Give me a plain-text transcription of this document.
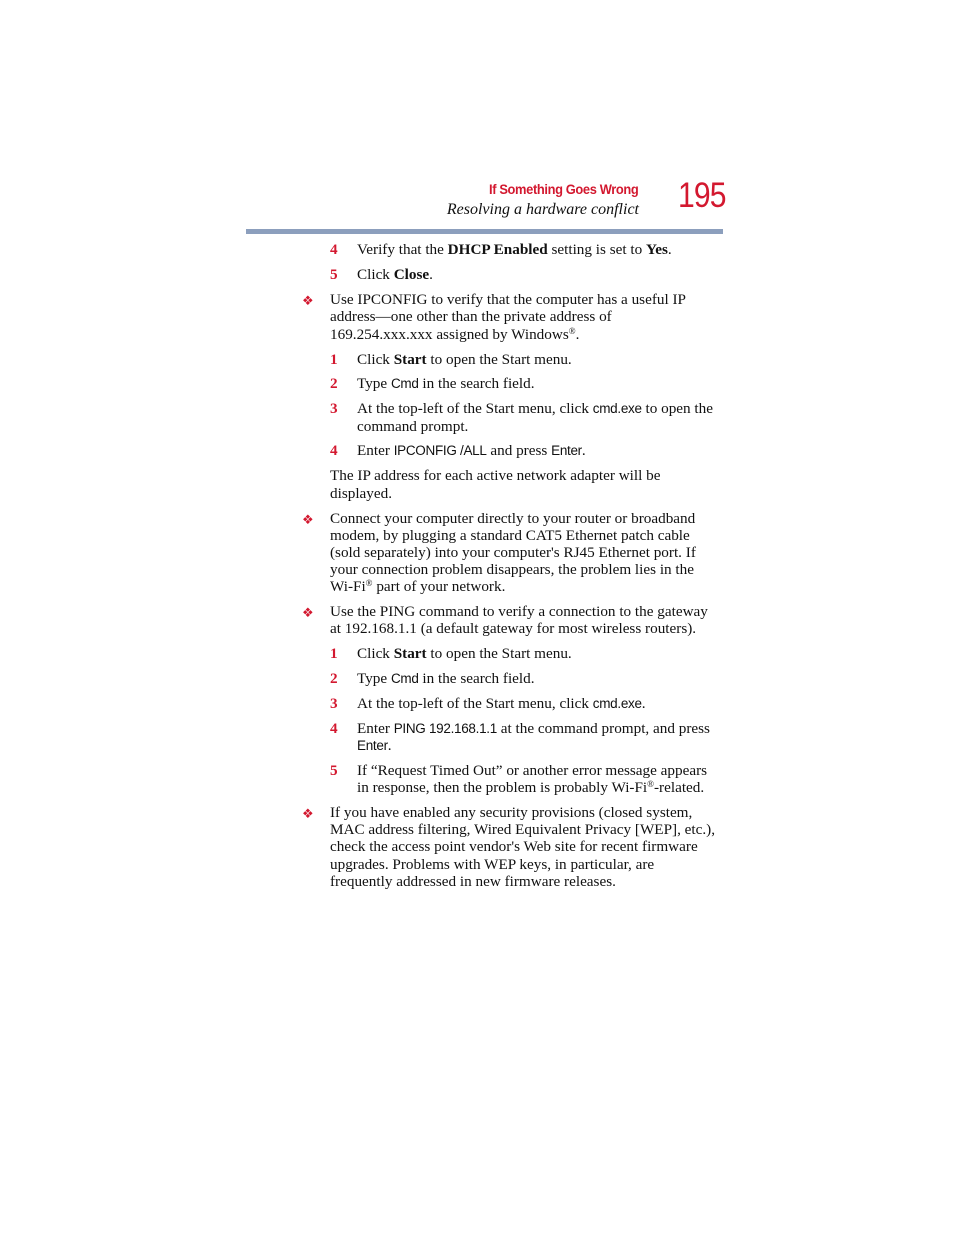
If Something Goes Wrong
Resolving a hardware conflict 195
4 Verify that the DHCP Enabled setting is set to Yes.
5 Click Close.
❖ Use IPCONFIG to verify that the computer has a useful IP
address—one other than the private address of
169.254.xxx.xxx assigned by Windows®.
1 Click Start to open the Start menu.
2 Type Cmd in the search field.
3 At the top-left of the Start menu, click cmd.exe to open the
command prompt.
4 Enter IPCONFIG /ALL and press Enter.
The IP address for each active network adapter will be
displayed.
❖ Connect your computer directly to your router or broadband
modem, by plugging a standard CAT5 Ethernet patch cable
(sold separately) into your computer's RJ45 Ethernet port. If
your connection problem disappears, the problem lies in the
Wi-Fi® part of your network.
❖ Use the PING command to verify a connection to the gateway
at 192.168.1.1 (a default gateway for most wireless routers).
1 Click Start to open the Start menu.
2 Type Cmd in the search field.
3 At the top-left of the Start menu, click cmd.exe.
4 Enter PING 192.168.1.1 at the command prompt, and press
Enter.
5 If “Request Timed Out” or another error message appears
in response, then the problem is probably Wi-Fi®-related.
❖ If you have enabled any security provisions (closed system,
MAC address filtering, Wired Equivalent Privacy [WEP], etc.),
check the access point vendor's Web site for recent firmware
upgrades. Problems with WEP keys, in particular, are
frequently addressed in new firmware releases.
